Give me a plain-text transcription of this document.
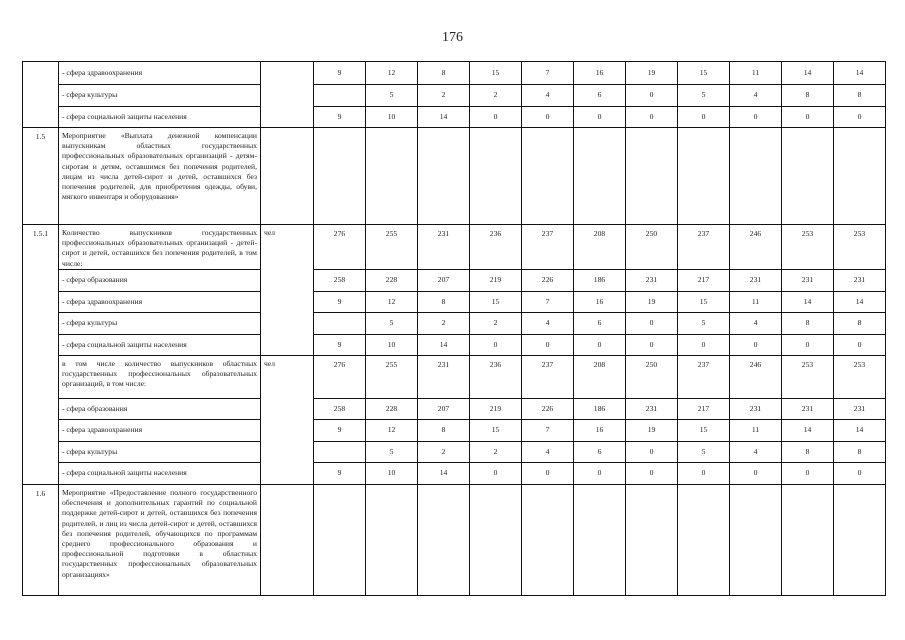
176
	- сфера здравоохранения		9	12	8	15	7	16	19	15	11	14	14
	- сфера культуры			5	2	2	4	6	0	5	4	8	8
	- сфера социальной защиты населения		9	10	14	0	0	0	0	0	0	0	0
1.5	Мероприятие «Выплата денежной компенсации выпускникам областных государственных профессиональных образовательных организаций - детям-сиротам и детям, оставшимся без попечения родителей, лицам из числа детей-сирот и детей, оставшихся без попечения родителей, для приобретения одежды, обуви, мягкого инвентаря и оборудования»												
1.5.1	Количество выпускников государственных профессиональных образовательных организаций - детей-сирот и детей, оставшихся без попечения родителей, в том числе:	чел	276	255	231	236	237	208	250	237	246	253	253
	- сфера образования		258	228	207	219	226	186	231	217	231	231	231
	- сфера здравоохранения		9	12	8	15	7	16	19	15	11	14	14
	- сфера культуры			5	2	2	4	6	0	5	4	8	8
	- сфера социальной защиты населения		9	10	14	0	0	0	0	0	0	0	0
	в том числе количество выпускников областных государственных профессиональных образовательных организаций, в том числе:	чел	276	255	231	236	237	208	250	237	246	253	253
	- сфера образования		258	228	207	219	226	186	231	217	231	231	231
	- сфера здравоохранения		9	12	8	15	7	16	19	15	11	14	14
	- сфера культуры			5	2	2	4	6	0	5	4	8	8
	- сфера социальной защиты населения		9	10	14	0	0	0	0	0	0	0	0
1.6	Мероприятие «Предоставление полного государственного обеспечения и дополнительных гарантий по социальной поддержке детей-сирот и детей, оставшихся без попечения родителей, и лиц из числа детей-сирот и детей, оставшихся без попечения родителей, обучающихся по программам среднего профессионального образования и профессиональной подготовки в областных государственных профессиональных образовательных организациях»												
